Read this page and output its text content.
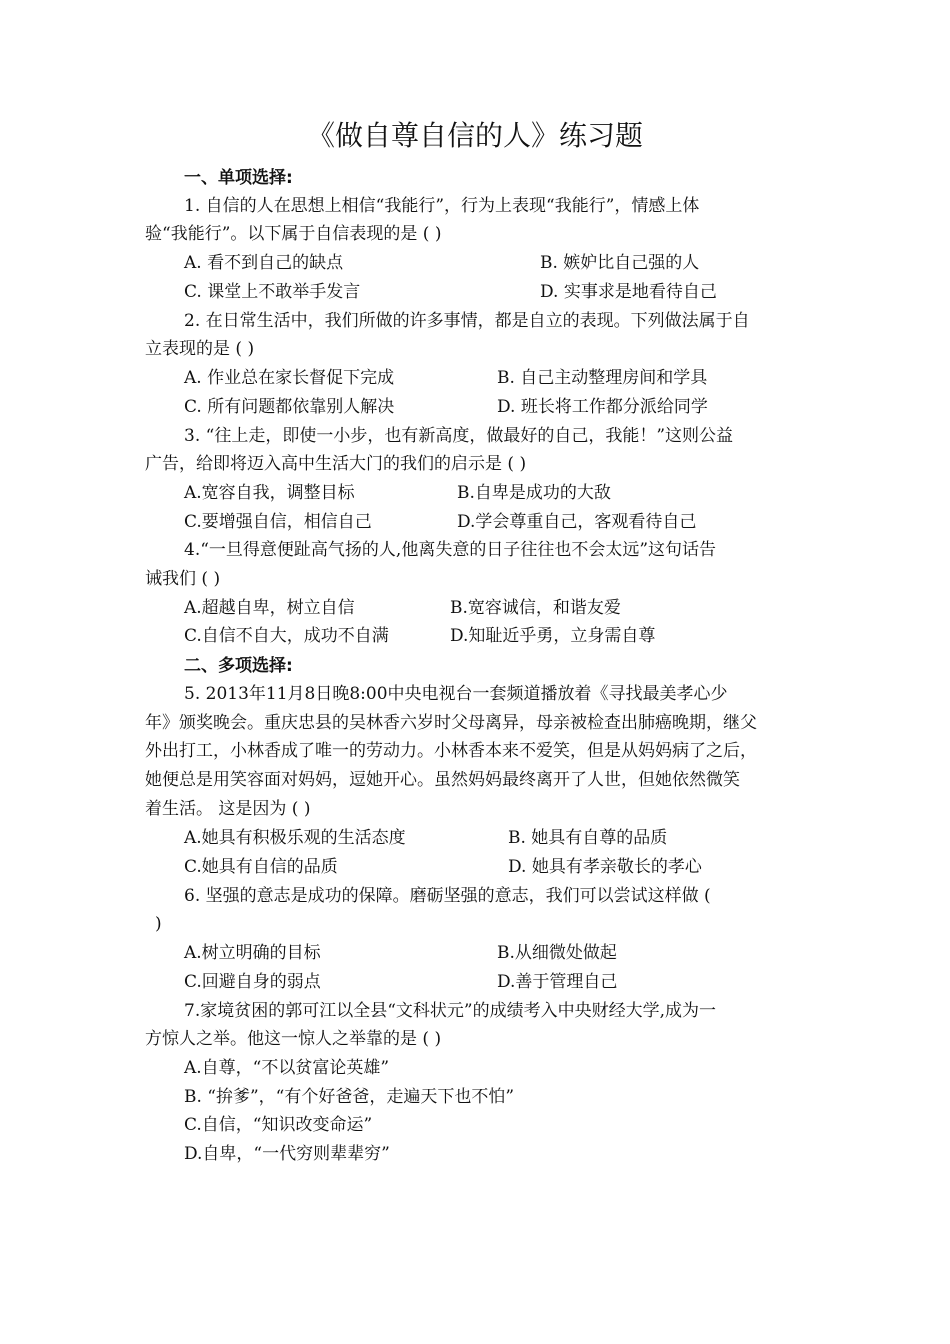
《做自尊自信的人》练习题
一、单项选择:
1. 自信的人在思想上相信“我能行”，行为上表现“我能行”，情感上体
验“我能行”。以下属于自信表现的是 ( )
A. 看不到自己的缺点	B. 嫉妒比自己强的人
C. 课堂上不敢举手发言	D. 实事求是地看待自己
2. 在日常生活中，我们所做的许多事情，都是自立的表现。下列做法属于自
立表现的是 ( )
A. 作业总在家长督促下完成	B. 自己主动整理房间和学具
C. 所有问题都依靠别人解决	D. 班长将工作都分派给同学
3. “往上走，即使一小步，也有新高度，做最好的自己，我能！”这则公益
广告，给即将迈入高中生活大门的我们的启示是 ( )
A.宽容自我，调整目标	B.自卑是成功的大敌
C.要增强自信，相信自己	D.学会尊重自己，客观看待自己
4.“一旦得意便趾高气扬的人,他离失意的日子往往也不会太远”这句话告
诫我们 ( )
A.超越自卑，树立自信	B.宽容诚信，和谐友爱
C.自信不自大，成功不自满	D.知耻近乎勇，立身需自尊
二、多项选择:
5. 2013年11月8日晚8:00中央电视台一套频道播放着《寻找最美孝心少
年》颁奖晚会。重庆忠县的吴林香六岁时父母离异，母亲被检查出肺癌晚期，继父
外出打工，小林香成了唯一的劳动力。小林香本来不爱笑，但是从妈妈病了之后，
她便总是用笑容面对妈妈，逗她开心。虽然妈妈最终离开了人世，但她依然微笑
着生活。 这是因为 ( )
A.她具有积极乐观的生活态度	B. 她具有自尊的品质
C.她具有自信的品质	D. 她具有孝亲敬长的孝心
6. 坚强的意志是成功的保障。磨砺坚强的意志，我们可以尝试这样做 (
)
A.树立明确的目标	B.从细微处做起
C.回避自身的弱点	D.善于管理自己
7.家境贫困的郭可江以全县“文科状元”的成绩考入中央财经大学,成为一
方惊人之举。他这一惊人之举靠的是 ( )
A.自尊，“不以贫富论英雄”
B. “拚爹”，“有个好爸爸，走遍天下也不怕”
C.自信，“知识改变命运”
D.自卑，“一代穷则辈辈穷”
